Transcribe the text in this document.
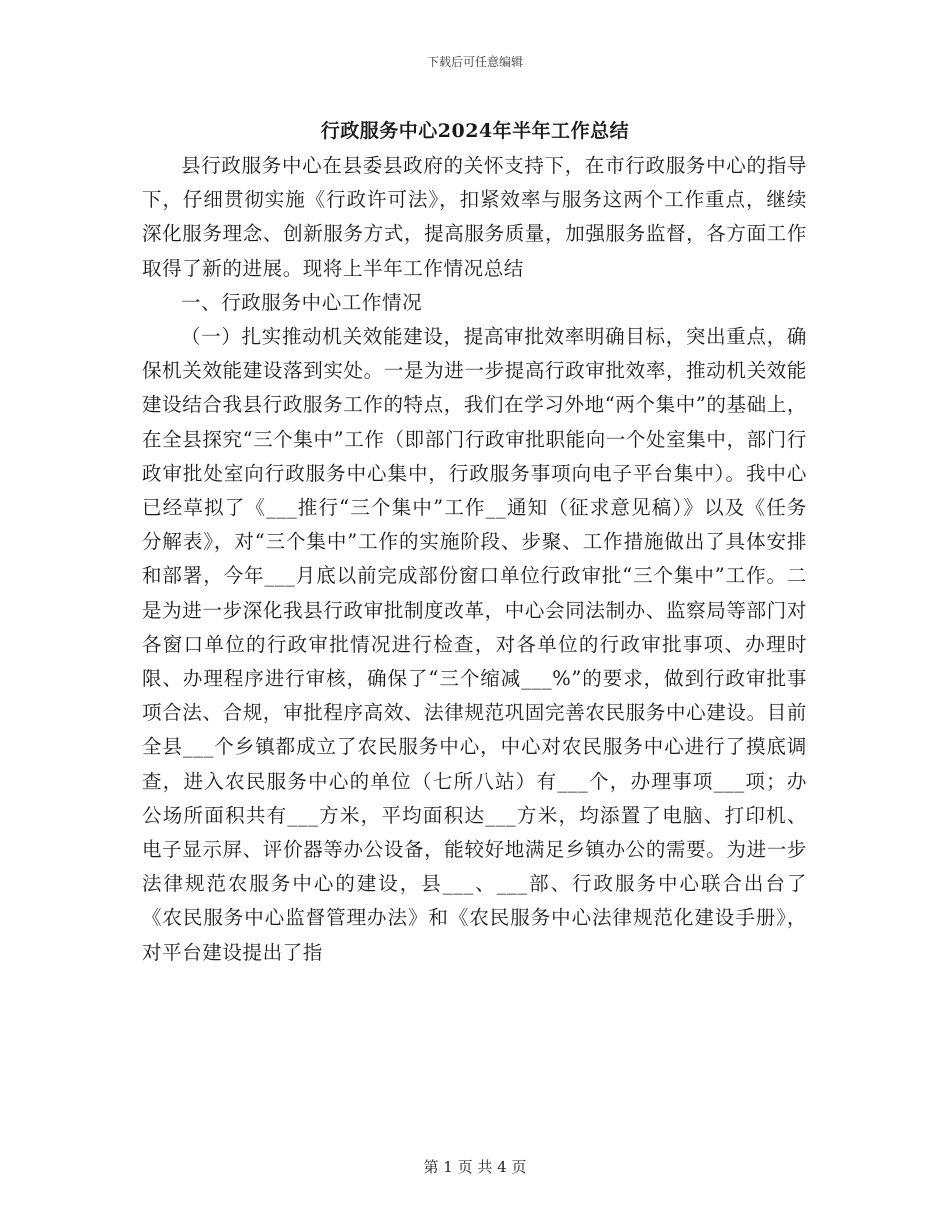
下载后可任意编辑
行政服务中心2024年半年工作总结

县行政服务中心在县委县政府的关怀支持下，在市行政服务中心的指导下，仔细贯彻实施《行政许可法》，扣紧效率与服务这两个工作重点，继续深化服务理念、创新服务方式，提高服务质量，加强服务监督，各方面工作取得了新的进展。现将上半年工作情况总结

一、行政服务中心工作情况

（一）扎实推动机关效能建设，提高审批效率明确目标，突出重点，确保机关效能建设落到实处。一是为进一步提高行政审批效率，推动机关效能建设结合我县行政服务工作的特点，我们在学习外地“两个集中”的基础上，在全县探究“三个集中”工作（即部门行政审批职能向一个处室集中，部门行政审批处室向行政服务中心集中，行政服务事项向电子平台集中）。我中心已经草拟了《___推行“三个集中”工作__通知（征求意见稿）》以及《任务分解表》，对“三个集中”工作的实施阶段、步聚、工作措施做出了具体安排和部署，今年___月底以前完成部份窗口单位行政审批“三个集中”工作。二是为进一步深化我县行政审批制度改革，中心会同法制办、监察局等部门对各窗口单位的行政审批情况进行检查，对各单位的行政审批事项、办理时限、办理程序进行审核，确保了“三个缩减___%”的要求，做到行政审批事项合法、合规，审批程序高效、法律规范巩固完善农民服务中心建设。目前全县___个乡镇都成立了农民服务中心，中心对农民服务中心进行了摸底调查，进入农民服务中心的单位（七所八站）有___个，办理事项___项；办公场所面积共有___方米，平均面积达___方米，均添置了电脑、打印机、电子显示屏、评价器等办公设备，能较好地满足乡镇办公的需要。为进一步法律规范农服务中心的建设，县___、___部、行政服务中心联合出台了《农民服务中心监督管理办法》和《农民服务中心法律规范化建设手册》，对平台建设提出了指

第 1 页 共 4 页
